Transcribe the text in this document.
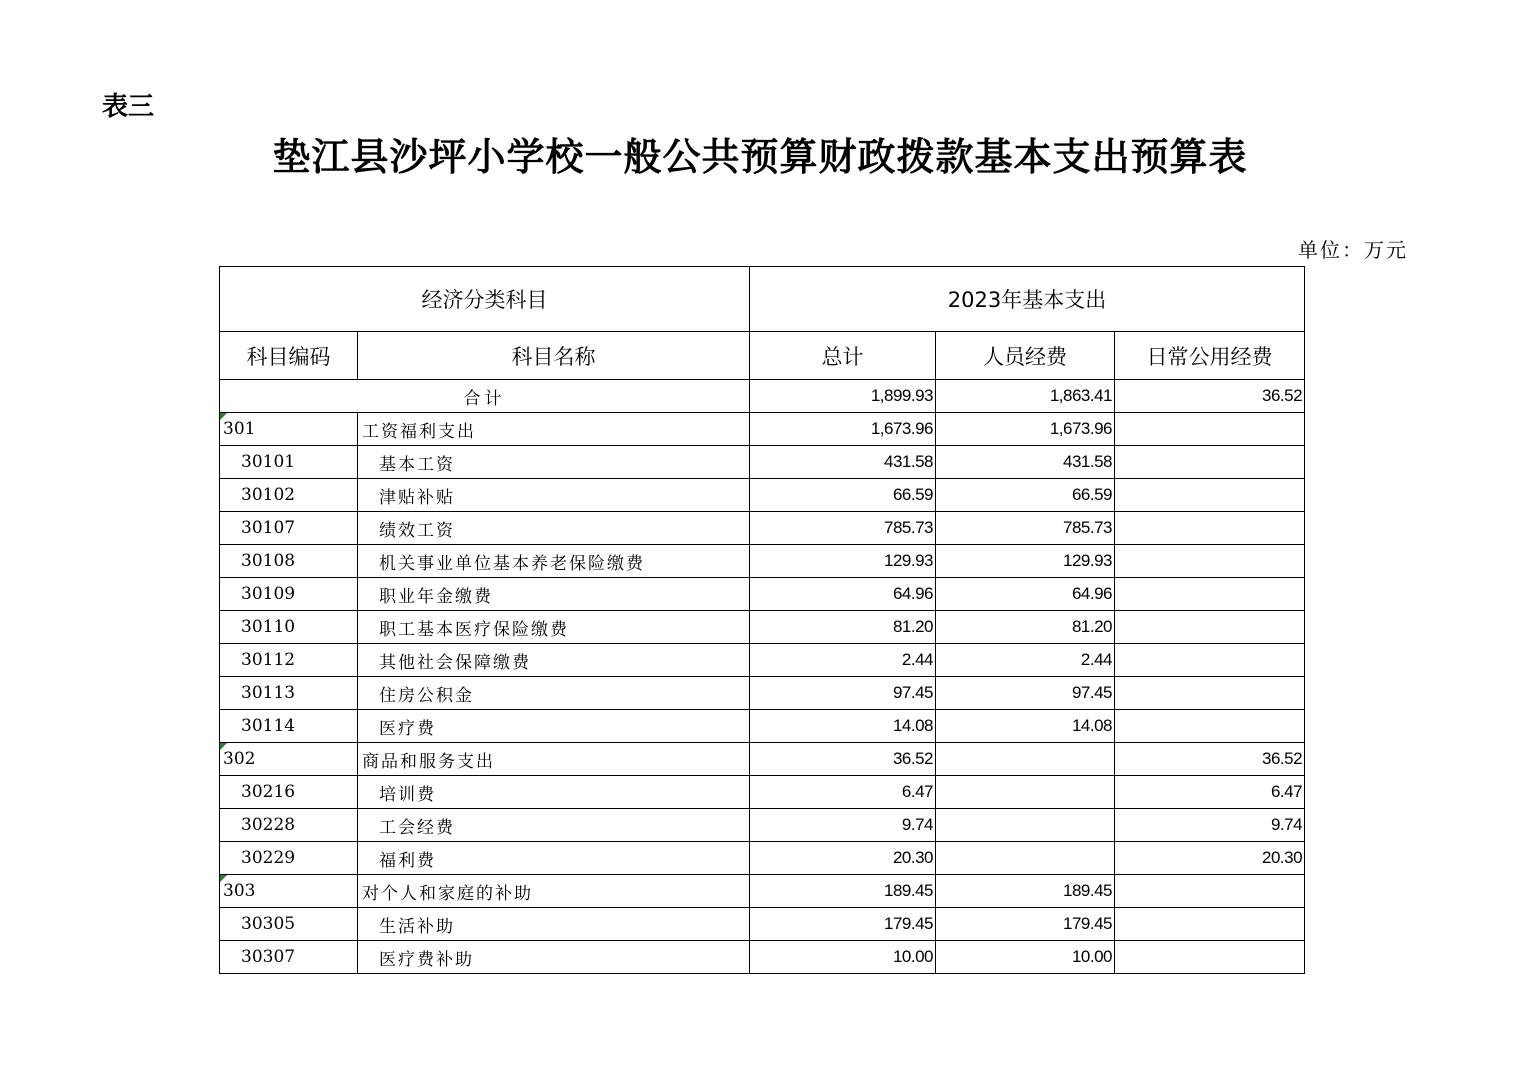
表三
垫江县沙坪小学校一般公共预算财政拨款基本支出预算表
单位：万元
经济分类科目		2023年基本支出		
科目编码	科目名称	总计	人员经费	日常公用经费
合计		1,899.93	1,863.41	36.52

301	工资福利支出	1,673.96	1,673.96	
30101	基本工资	431.58	431.58	
30102	津贴补贴	66.59	66.59	
30107	绩效工资	785.73	785.73	
30108	机关事业单位基本养老保险缴费	129.93	129.93	
30109	职业年金缴费	64.96	64.96	
30110	职工基本医疗保险缴费	81.20	81.20	
30112	其他社会保障缴费	2.44	2.44	
30113	住房公积金	97.45	97.45	
30114	医疗费	14.08	14.08	

302	商品和服务支出	36.52		36.52
30216	培训费	6.47		6.47
30228	工会经费	9.74		9.74
30229	福利费	20.30		20.30

303	对个人和家庭的补助	189.45	189.45	
30305	生活补助	179.45	179.45	
30307	医疗费补助	10.00	10.00	
